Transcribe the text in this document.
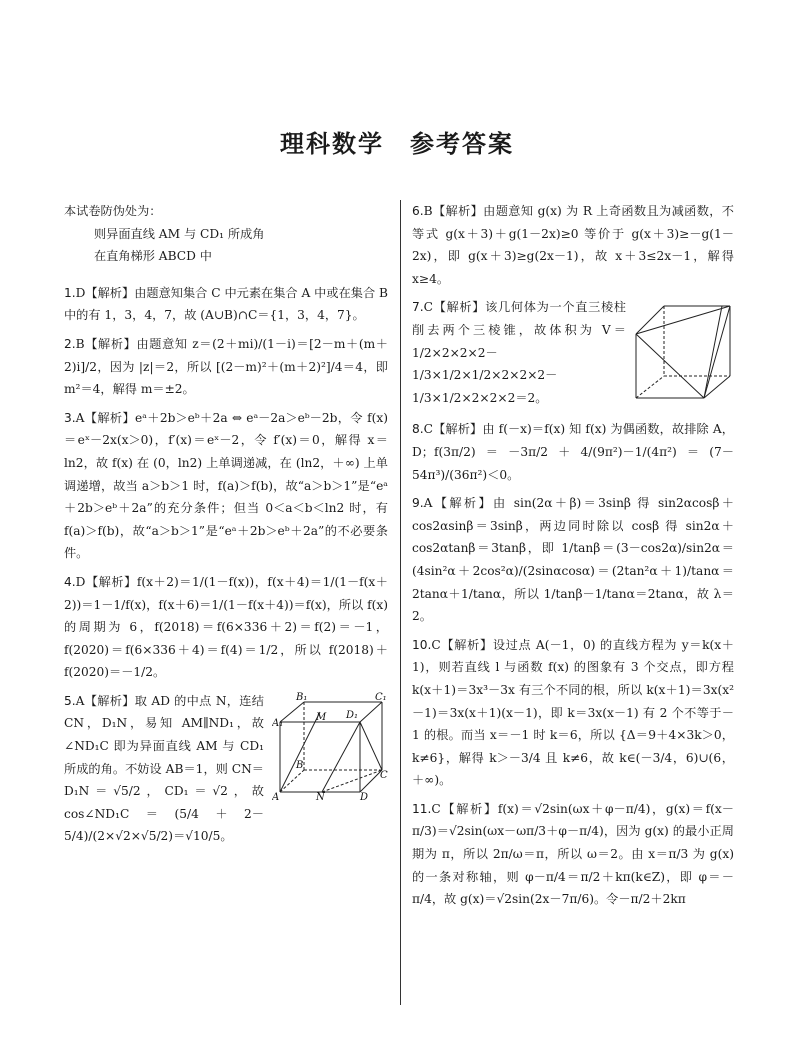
理科数学　参考答案
本试卷防伪处为：
则异面直线 AM 与 CD₁ 所成角
在直角梯形 ABCD 中
1.D【解析】由题意知集合 C 中元素在集合 A 中或在集合 B 中的有 1，3，4，7，故 (A∪B)∩C＝{1，3，4，7}。
2.B【解析】由题意知 z＝(2＋mi)/(1－i)＝[2－m＋(m＋2)i]/2，因为 |z|＝2，所以 [(2－m)²＋(m＋2)²]/4＝4，即 m²＝4，解得 m＝±2。
3.A【解析】eᵃ＋2b＞eᵇ＋2a ⇔ eᵃ－2a＞eᵇ－2b，令 f(x)＝eˣ－2x(x＞0)，f′(x)＝eˣ－2，令 f′(x)＝0，解得 x＝ln2，故 f(x) 在 (0，ln2) 上单调递减，在 (ln2，＋∞) 上单调递增，故当 a＞b＞1 时，f(a)＞f(b)，故“a＞b＞1”是“eᵃ＋2b＞eᵇ＋2a”的充分条件；但当 0＜a＜b＜ln2 时，有 f(a)＞f(b)，故“a＞b＞1”是“eᵃ＋2b＞eᵇ＋2a”的不必要条件。
4.D【解析】f(x＋2)＝1/(1－f(x))，f(x＋4)＝1/(1－f(x＋2))＝1－1/f(x)，f(x＋6)＝1/(1－f(x＋4))＝f(x)，所以 f(x) 的周期为 6，f(2018)＝f(6×336＋2)＝f(2)＝－1，f(2020)＝f(6×336＋4)＝f(4)＝1/2，所以 f(2018)＋f(2020)＝－1/2。
B₁	C₁
A₁
M D₁
B
C
A	N	D
5.A【解析】取 AD 的中点 N，连结 CN，D₁N，易知 AM∥ND₁，故∠ND₁C 即为异面直线 AM 与 CD₁ 所成的角。不妨设 AB＝1，则 CN＝D₁N＝√5/2，CD₁＝√2，故 cos∠ND₁C＝(5/4＋2－5/4)/(2×√2×√5/2)＝√10/5。
6.B【解析】由题意知 g(x) 为 R 上奇函数且为减函数，不等式 g(x＋3)＋g(1－2x)≥0 等价于 g(x＋3)≥－g(1－2x)，即 g(x＋3)≥g(2x－1)，故 x＋3≤2x－1，解得 x≥4。
7.C【解析】该几何体为一个直三棱柱削去两个三棱锥，故体积为 V＝1/2×2×2×2－1/3×1/2×1/2×2×2×2－1/3×1/2×2×2×2＝2。
8.C【解析】由 f(－x)＝f(x) 知 f(x) 为偶函数，故排除 A，D；f(3π/2)＝－3π/2＋4/(9π²)－1/(4π²)＝(7－54π³)/(36π²)＜0。
9.A【解析】由 sin(2α＋β)＝3sinβ 得 sin2αcosβ＋cos2αsinβ＝3sinβ，两边同时除以 cosβ 得 sin2α＋cos2αtanβ＝3tanβ，即 1/tanβ＝(3－cos2α)/sin2α＝(4sin²α＋2cos²α)/(2sinαcosα)＝(2tan²α＋1)/tanα＝2tanα＋1/tanα，所以 1/tanβ－1/tanα＝2tanα，故 λ＝2。
10.C【解析】设过点 A(－1，0) 的直线方程为 y＝k(x＋1)，则若直线 l 与函数 f(x) 的图象有 3 个交点，即方程 k(x＋1)＝3x³－3x 有三个不同的根，所以 k(x＋1)＝3x(x²－1)＝3x(x＋1)(x－1)，即 k＝3x(x－1) 有 2 个不等于－1 的根。而当 x＝－1 时 k＝6，所以 {Δ＝9＋4×3k＞0，k≠6}，解得 k＞－3/4 且 k≠6，故 k∈(－3/4，6)∪(6，＋∞)。
11.C【解析】f(x)＝√2sin(ωx＋φ－π/4)，g(x)＝f(x－π/3)＝√2sin(ωx－ωπ/3＋φ－π/4)，因为 g(x) 的最小正周期为 π，所以 2π/ω＝π，所以 ω＝2。由 x＝π/3 为 g(x) 的一条对称轴，则 φ－π/4＝π/2＋kπ(k∈Z)，即 φ＝－π/4，故 g(x)＝√2sin(2x－7π/6)。令－π/2＋2kπ
